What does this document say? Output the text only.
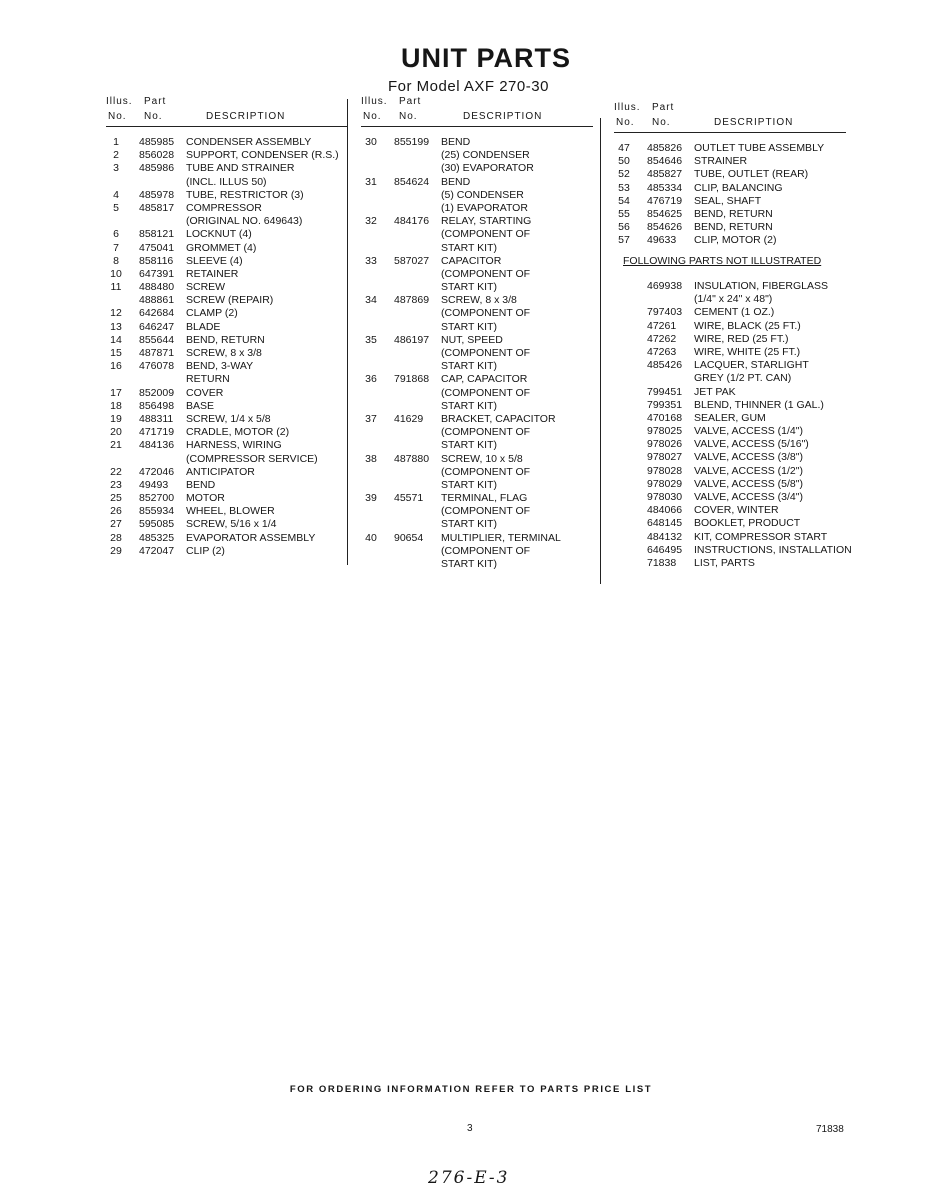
UNIT PARTS
For Model AXF 270-30
Illus. Part
No. No.	DESCRIPTION
1	485985 CONDENSER ASSEMBLY
2	856028 SUPPORT, CONDENSER (R.S.)
3	485986 TUBE AND STRAINER
(INCL. ILLUS 50)
4	485978 TUBE, RESTRICTOR (3)
5	485817 COMPRESSOR
(ORIGINAL NO. 649643)
6	858121 LOCKNUT (4)
7	475041 GROMMET (4)
8	858116 SLEEVE (4)
10	647391 RETAINER
11	488480 SCREW
488861 SCREW (REPAIR)
12	642684 CLAMP (2)
13	646247 BLADE
14	855644 BEND, RETURN
15	487871 SCREW, 8 x 3/8
16	476078 BEND, 3-WAY
RETURN
17	852009 COVER
18	856498 BASE
19	488311 SCREW, 1/4 x 5/8
20	471719 CRADLE, MOTOR (2)
21	484136 HARNESS, WIRING
(COMPRESSOR SERVICE)
22	472046 ANTICIPATOR
23	49493 BEND
25	852700 MOTOR
26	855934 WHEEL, BLOWER
27	595085 SCREW, 5/16 x 1/4
28	485325 EVAPORATOR ASSEMBLY
29	472047 CLIP (2)
Illus. Part
No. No.	DESCRIPTION
30	855199 BEND
(25) CONDENSER
(30) EVAPORATOR
31	854624 BEND
(5) CONDENSER
(1) EVAPORATOR
32	484176 RELAY, STARTING
(COMPONENT OF
START KIT)
33	587027 CAPACITOR
(COMPONENT OF
START KIT)
34	487869 SCREW, 8 x 3/8
(COMPONENT OF
START KIT)
35	486197 NUT, SPEED
(COMPONENT OF
START KIT)
36	791868 CAP, CAPACITOR
(COMPONENT OF
START KIT)
37	41629 BRACKET, CAPACITOR
(COMPONENT OF
START KIT)
38	487880 SCREW, 10 x 5/8
(COMPONENT OF
START KIT)
39	45571 TERMINAL, FLAG
(COMPONENT OF
START KIT)
40	90654 MULTIPLIER, TERMINAL
(COMPONENT OF
START KIT)
Illus. Part
No. No.	DESCRIPTION
47	485826 OUTLET TUBE ASSEMBLY
50	854646 STRAINER
52	485827 TUBE, OUTLET (REAR)
53	485334 CLIP, BALANCING
54	476719 SEAL, SHAFT
55	854625 BEND, RETURN
56	854626 BEND, RETURN
57	49633 CLIP, MOTOR (2)
FOLLOWING PARTS NOT ILLUSTRATED
469938 INSULATION, FIBERGLASS
(1/4" x 24" x 48")
797403 CEMENT (1 OZ.)
47261 WIRE, BLACK (25 FT.)
47262 WIRE, RED (25 FT.)
47263 WIRE, WHITE (25 FT.)
485426 LACQUER, STARLIGHT
GREY (1/2 PT. CAN)
799451 JET PAK
799351 BLEND, THINNER (1 GAL.)
470168 SEALER, GUM
978025 VALVE, ACCESS (1/4")
978026 VALVE, ACCESS (5/16")
978027 VALVE, ACCESS (3/8")
978028 VALVE, ACCESS (1/2")
978029 VALVE, ACCESS (5/8")
978030 VALVE, ACCESS (3/4")
484066 COVER, WINTER
648145 BOOKLET, PRODUCT
484132 KIT, COMPRESSOR START
646495 INSTRUCTIONS, INSTALLATION
71838 LIST, PARTS
FOR ORDERING INFORMATION REFER TO PARTS PRICE LIST
3	71838
276-E-3
